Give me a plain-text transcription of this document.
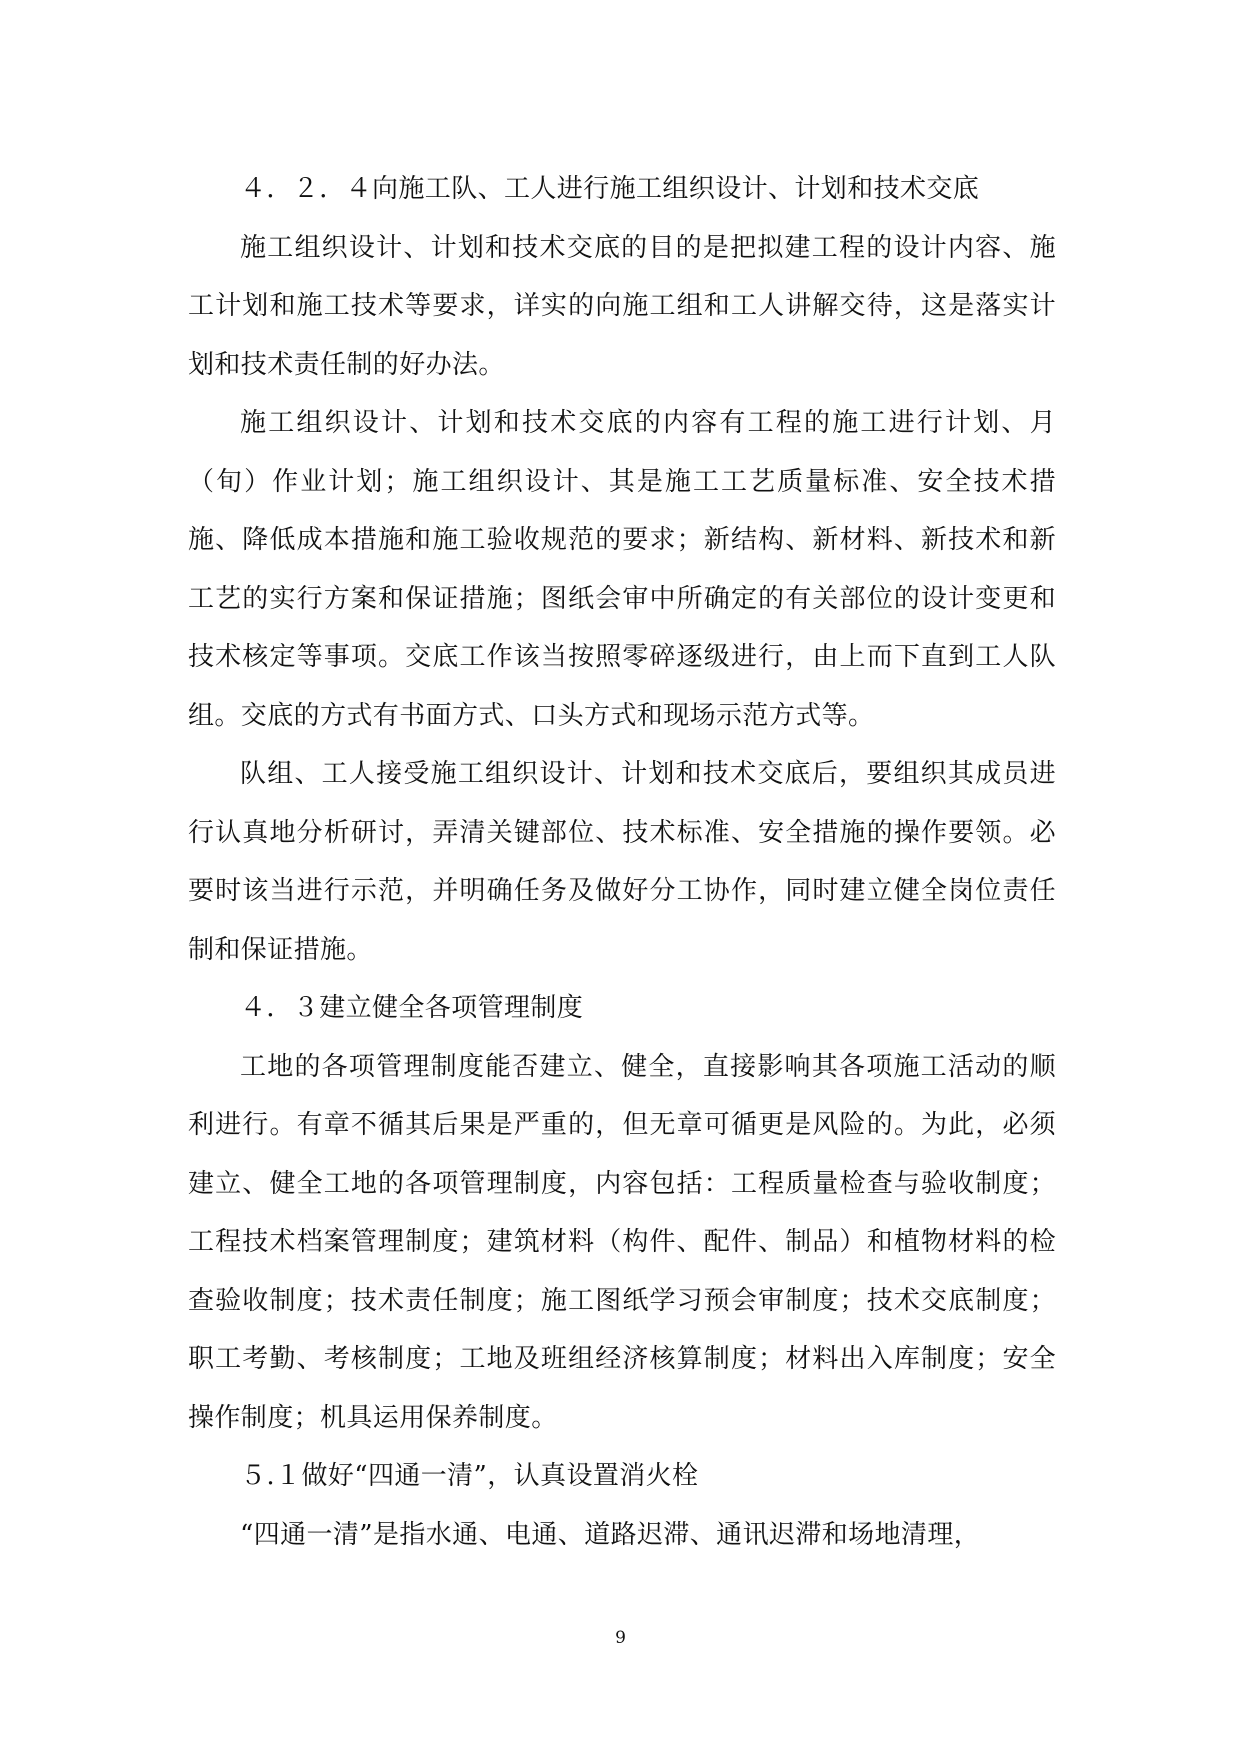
４．２．４向施工队、工人进行施工组织设计、计划和技术交底

施工组织设计、计划和技术交底的目的是把拟建工程的设计内容、施工计划和施工技术等要求，详实的向施工组和工人讲解交待，这是落实计划和技术责任制的好办法。

施工组织设计、计划和技术交底的内容有工程的施工进行计划、月（旬）作业计划；施工组织设计、其是施工工艺质量标准、安全技术措施、降低成本措施和施工验收规范的要求；新结构、新材料、新技术和新工艺的实行方案和保证措施；图纸会审中所确定的有关部位的设计变更和技术核定等事项。交底工作该当按照零碎逐级进行，由上而下直到工人队组。交底的方式有书面方式、口头方式和现场示范方式等。

队组、工人接受施工组织设计、计划和技术交底后，要组织其成员进行认真地分析研讨，弄清关键部位、技术标准、安全措施的操作要领。必要时该当进行示范，并明确任务及做好分工协作，同时建立健全岗位责任制和保证措施。

４．３建立健全各项管理制度

工地的各项管理制度能否建立、健全，直接影响其各项施工活动的顺利进行。有章不循其后果是严重的，但无章可循更是风险的。为此，必须建立、健全工地的各项管理制度，内容包括：工程质量检查与验收制度；工程技术档案管理制度；建筑材料（构件、配件、制品）和植物材料的检查验收制度；技术责任制度；施工图纸学习预会审制度；技术交底制度；职工考勤、考核制度；工地及班组经济核算制度；材料出入库制度；安全操作制度；机具运用保养制度。

５.１做好“四通一清”，认真设置消火栓

“四通一清”是指水通、电通、道路迟滞、通讯迟滞和场地清理，

9
